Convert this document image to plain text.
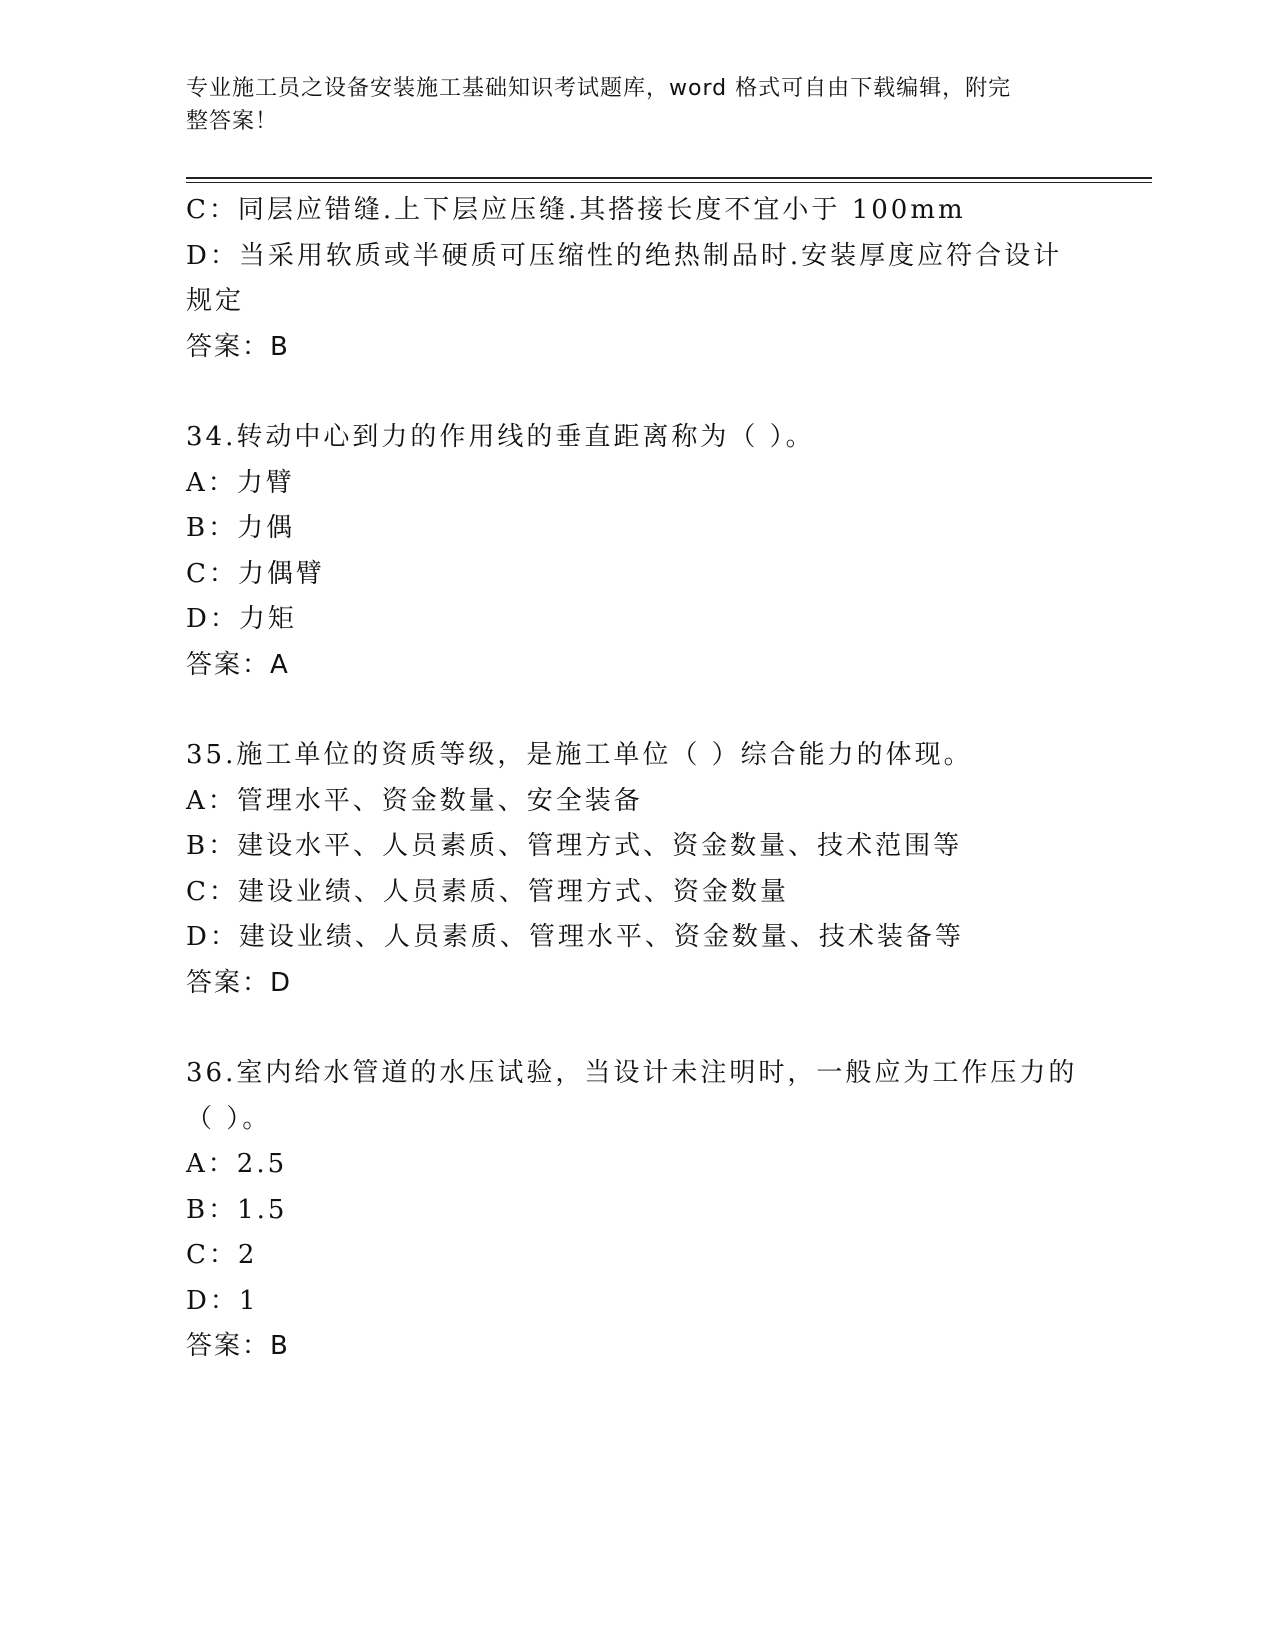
专业施工员之设备安装施工基础知识考试题库，word 格式可自由下载编辑，附完
整答案！
C：同层应错缝.上下层应压缝.其搭接长度不宜小于 100mm
D：当采用软质或半硬质可压缩性的绝热制品时.安装厚度应符合设计
规定
答案：B
34.转动中心到力的作用线的垂直距离称为（ ）。
A：力臂
B：力偶
C：力偶臂
D：力矩
答案：A
35.施工单位的资质等级，是施工单位（ ）综合能力的体现。
A：管理水平、资金数量、安全装备
B：建设水平、人员素质、管理方式、资金数量、技术范围等
C：建设业绩、人员素质、管理方式、资金数量
D：建设业绩、人员素质、管理水平、资金数量、技术装备等
答案：D
36.室内给水管道的水压试验，当设计未注明时，一般应为工作压力的
（ ）。
A：2.5
B：1.5
C：2
D：1
答案：B
